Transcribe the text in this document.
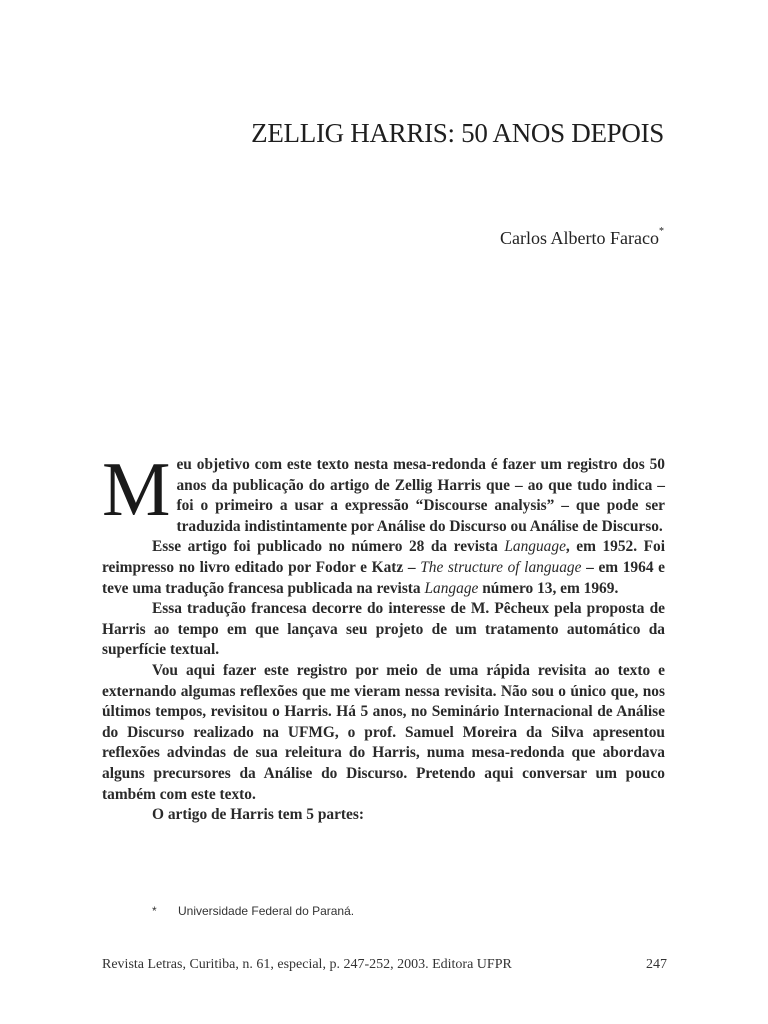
ZELLIG HARRIS: 50 ANOS DEPOIS
Carlos Alberto Faraco*

Meu objetivo com este texto nesta mesa-redonda é fazer um registro dos 50 anos da publicação do artigo de Zellig Harris que – ao que tudo indica – foi o primeiro a usar a expressão “Discourse analysis” – que pode ser traduzida indistintamente por Análise do Discurso ou Análise de Discurso.

Esse artigo foi publicado no número 28 da revista Language, em 1952. Foi reimpresso no livro editado por Fodor e Katz – The structure of language – em 1964 e teve uma tradução francesa publicada na revista Langage número 13, em 1969.

Essa tradução francesa decorre do interesse de M. Pêcheux pela proposta de Harris ao tempo em que lançava seu projeto de um tratamento automático da superfície textual.

Vou aqui fazer este registro por meio de uma rápida revisita ao texto e externando algumas reflexões que me vieram nessa revisita. Não sou o único que, nos últimos tempos, revisitou o Harris. Há 5 anos, no Seminário Internacional de Análise do Discurso realizado na UFMG, o prof. Samuel Moreira da Silva apresentou reflexões advindas de sua releitura do Harris, numa mesa-redonda que abordava alguns precursores da Análise do Discurso. Pretendo aqui conversar um pouco também com este texto.

O artigo de Harris tem 5 partes:

* Universidade Federal do Paraná.
Revista Letras, Curitiba, n. 61, especial, p. 247-252, 2003. Editora UFPR	247
